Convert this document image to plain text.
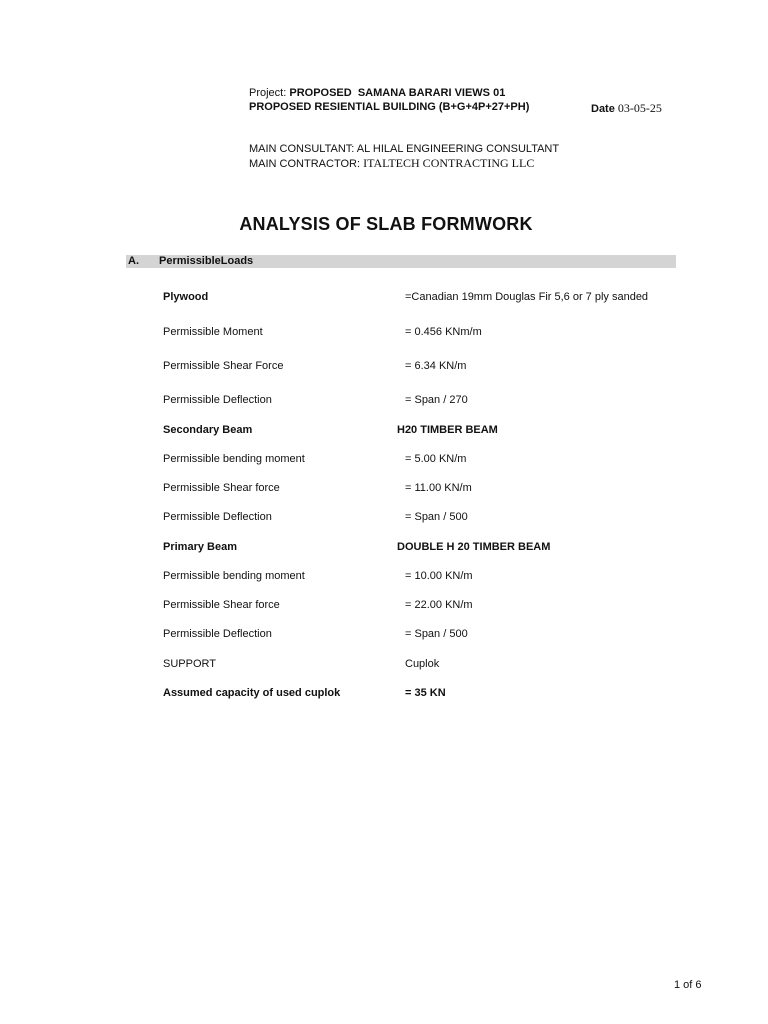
Project: PROPOSED  SAMANA BARARI VIEWS 01
PROPOSED RESIENTIAL BUILDING (B+G+4P+27+PH)	Date 03-05-25
MAIN CONSULTANT: AL HILAL ENGINEERING CONSULTANT
MAIN CONTRACTOR: ITALTECH CONTRACTING LLC
ANALYSIS OF SLAB FORMWORK
A. PermissibleLoads
Plywood	=Canadian 19mm Douglas Fir 5,6 or 7 ply sanded
Permissible Moment	= 0.456 KNm/m
Permissible Shear Force	= 6.34 KN/m
Permissible Deflection	= Span / 270
Secondary Beam	H20 TIMBER BEAM
Permissible bending moment	= 5.00 KN/m
Permissible Shear force	= 11.00 KN/m
Permissible Deflection	= Span / 500
Primary Beam	DOUBLE H 20 TIMBER BEAM
Permissible bending moment	= 10.00 KN/m
Permissible Shear force	= 22.00 KN/m
Permissible Deflection	= Span / 500
SUPPORT	Cuplok
Assumed capacity of used cuplok	= 35 KN
1 of 6
